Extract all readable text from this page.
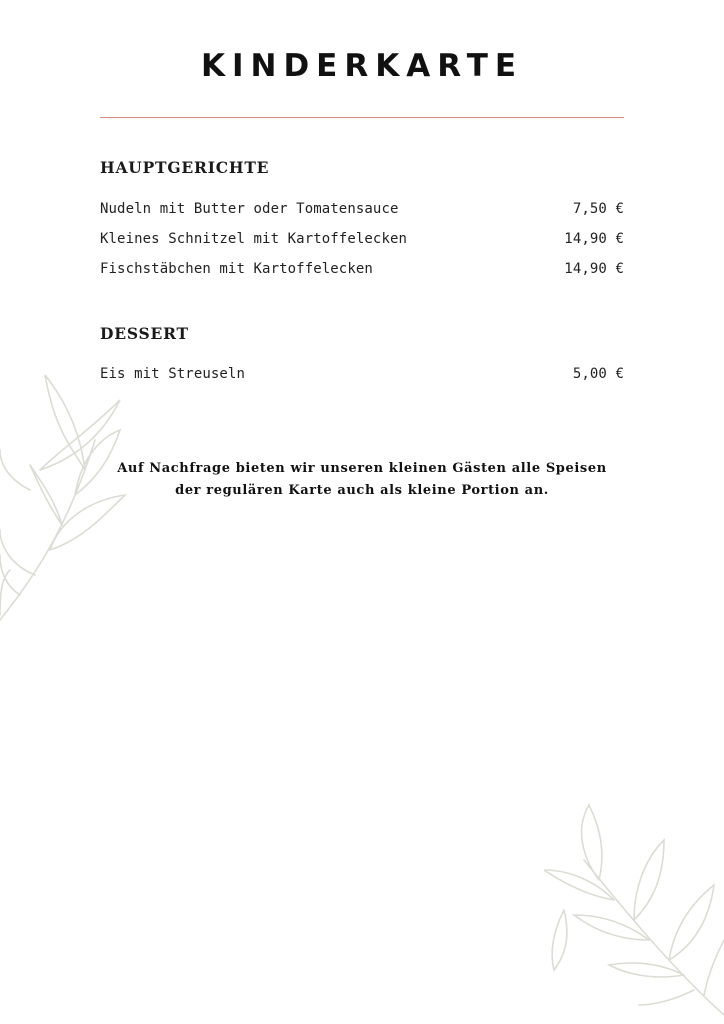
KINDERKARTE
HAUPTGERICHTE
Nudeln mit Butter oder Tomatensauce	7,50 €
Kleines Schnitzel mit Kartoffelecken	14,90 €
Fischstäbchen mit Kartoffelecken	14,90 €
DESSERT
Eis mit Streuseln	5,00 €
Auf Nachfrage bieten wir unseren kleinen Gästen alle Speisen
der regulären Karte auch als kleine Portion an.
